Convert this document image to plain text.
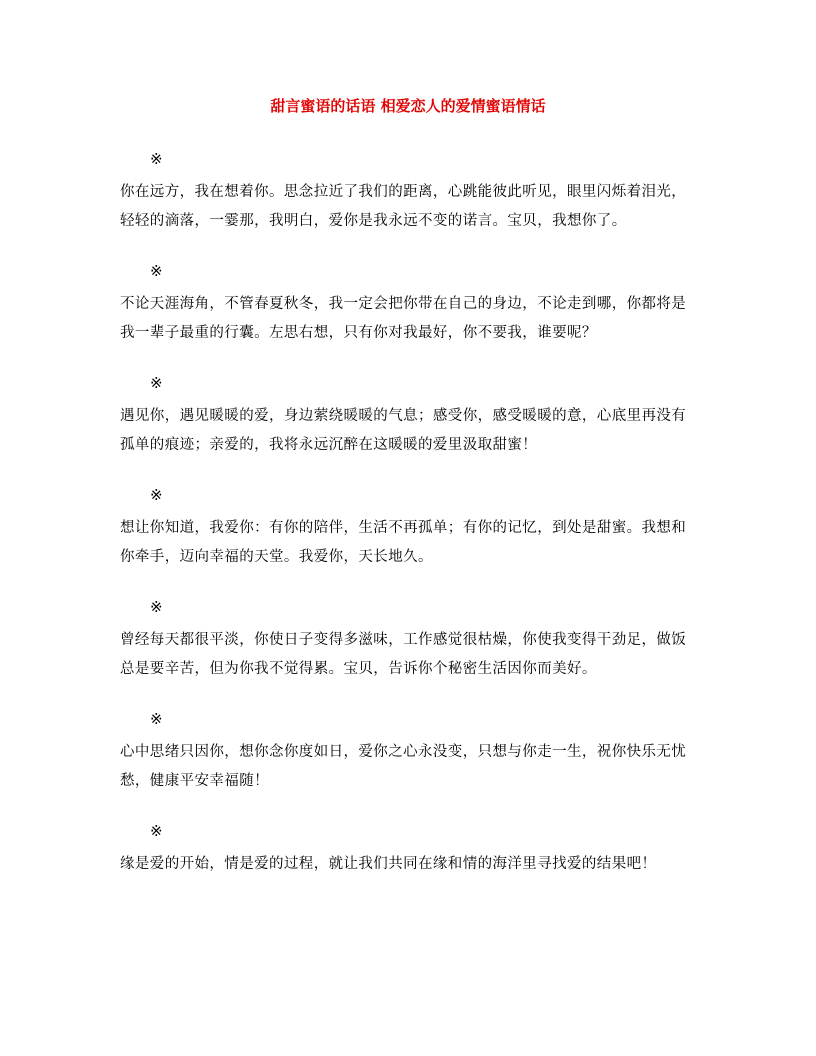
甜言蜜语的话语 相爱恋人的爱情蜜语情话
※
你在远方，我在想着你。思念拉近了我们的距离，心跳能彼此听见，眼里闪烁着泪光，轻轻的滴落，一霎那，我明白，爱你是我永远不变的诺言。宝贝，我想你了。
※
不论天涯海角，不管春夏秋冬，我一定会把你带在自己的身边，不论走到哪，你都将是我一辈子最重的行囊。左思右想，只有你对我最好，你不要我，谁要呢？
※
遇见你，遇见暖暖的爱，身边萦绕暖暖的气息；感受你，感受暖暖的意，心底里再没有孤单的痕迹；亲爱的，我将永远沉醉在这暖暖的爱里汲取甜蜜！
※
想让你知道，我爱你：有你的陪伴，生活不再孤单；有你的记忆，到处是甜蜜。我想和你牵手，迈向幸福的天堂。我爱你，天长地久。
※
曾经每天都很平淡，你使日子变得多滋味，工作感觉很枯燥，你使我变得干劲足，做饭总是要辛苦，但为你我不觉得累。宝贝，告诉你个秘密生活因你而美好。
※
心中思绪只因你，想你念你度如日，爱你之心永没变，只想与你走一生，祝你快乐无忧愁，健康平安幸福随！
※
缘是爱的开始，情是爱的过程，就让我们共同在缘和情的海洋里寻找爱的结果吧！
